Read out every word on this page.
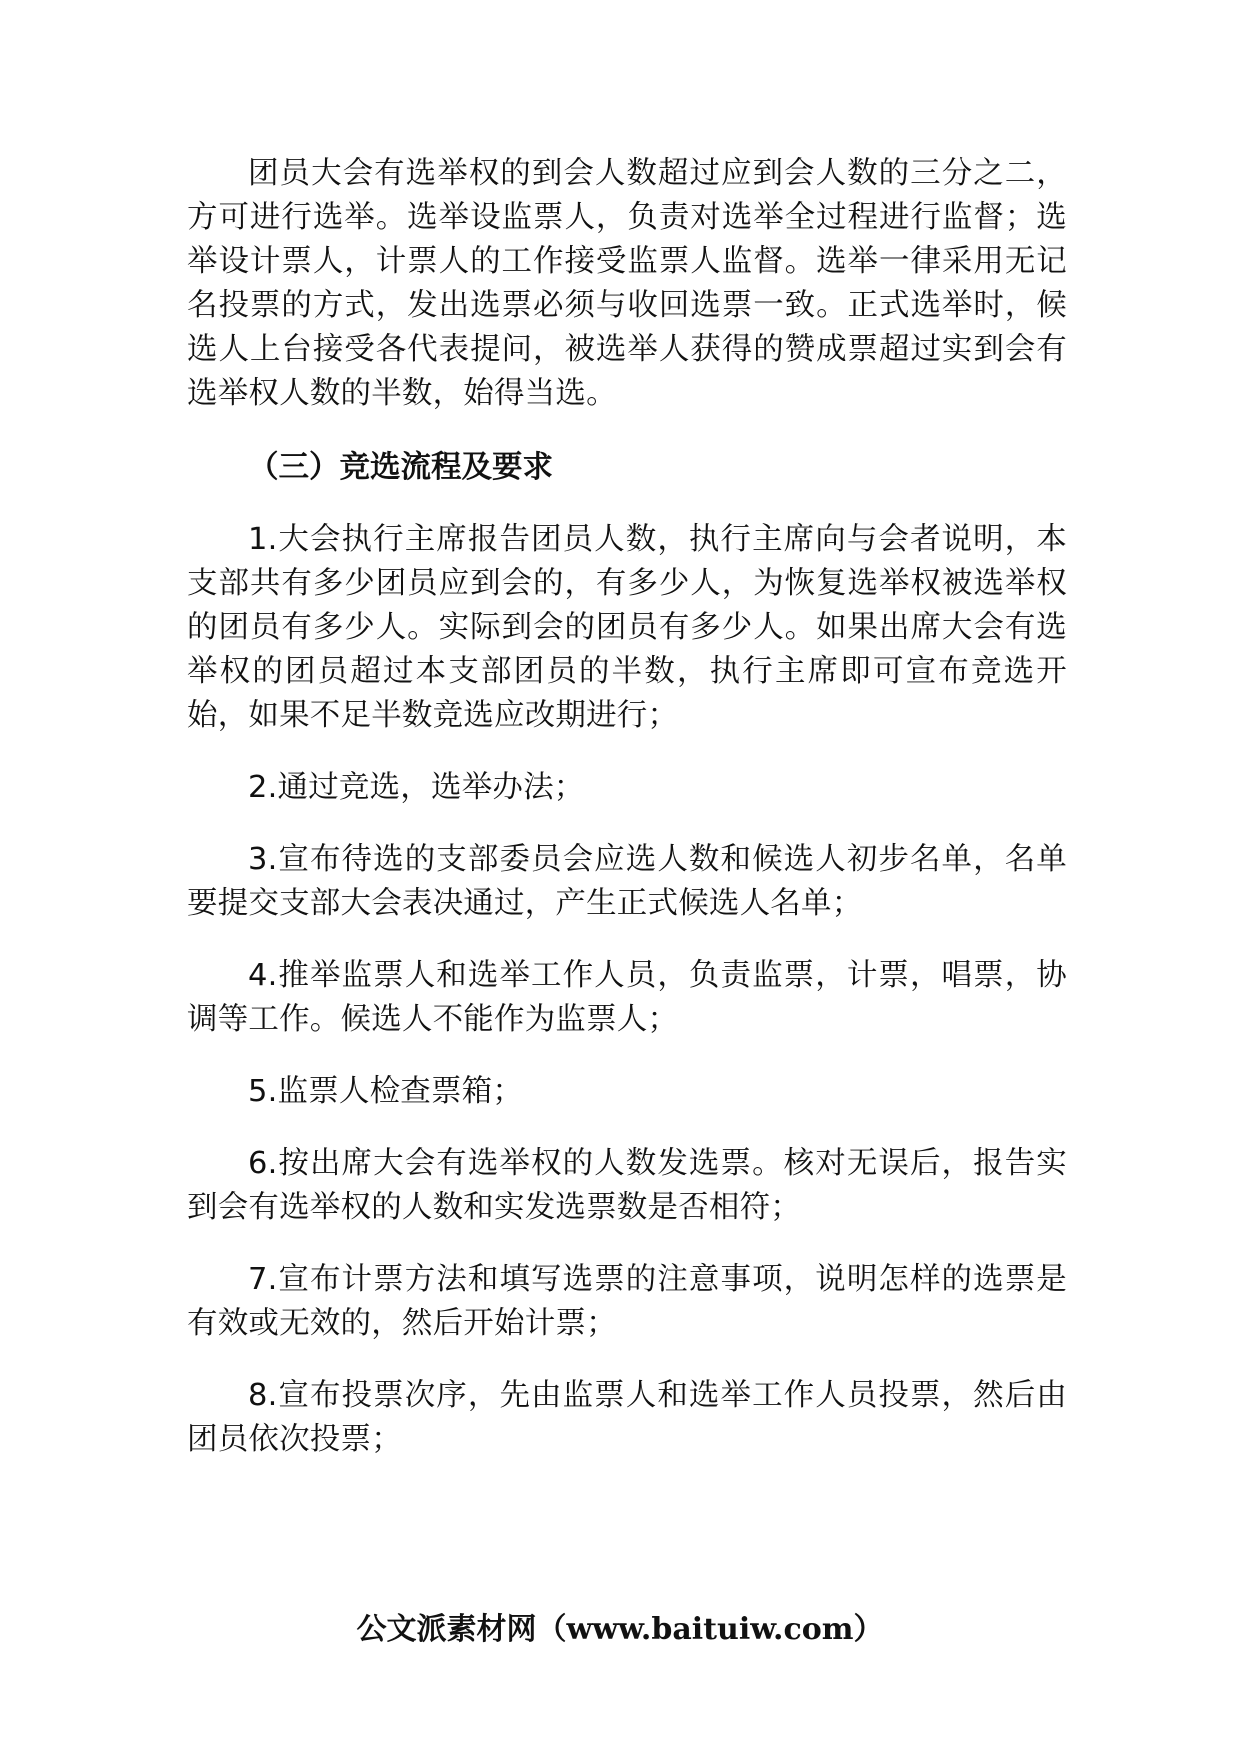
团员大会有选举权的到会人数超过应到会人数的三分之二，方可进行选举。选举设监票人，负责对选举全过程进行监督；选举设计票人，计票人的工作接受监票人监督。选举一律采用无记名投票的方式，发出选票必须与收回选票一致。正式选举时，候选人上台接受各代表提问，被选举人获得的赞成票超过实到会有选举权人数的半数，始得当选。

（三）竞选流程及要求

1.大会执行主席报告团员人数，执行主席向与会者说明，本支部共有多少团员应到会的，有多少人，为恢复选举权被选举权的团员有多少人。实际到会的团员有多少人。如果出席大会有选举权的团员超过本支部团员的半数，执行主席即可宣布竞选开始，如果不足半数竞选应改期进行；

2.通过竞选，选举办法；

3.宣布待选的支部委员会应选人数和候选人初步名单，名单要提交支部大会表决通过，产生正式候选人名单；

4.推举监票人和选举工作人员，负责监票，计票，唱票，协调等工作。候选人不能作为监票人；

5.监票人检查票箱；

6.按出席大会有选举权的人数发选票。核对无误后，报告实到会有选举权的人数和实发选票数是否相符；

7.宣布计票方法和填写选票的注意事项，说明怎样的选票是有效或无效的，然后开始计票；

8.宣布投票次序，先由监票人和选举工作人员投票，然后由团员依次投票；

公文派素材网（www.baituiw.com）
